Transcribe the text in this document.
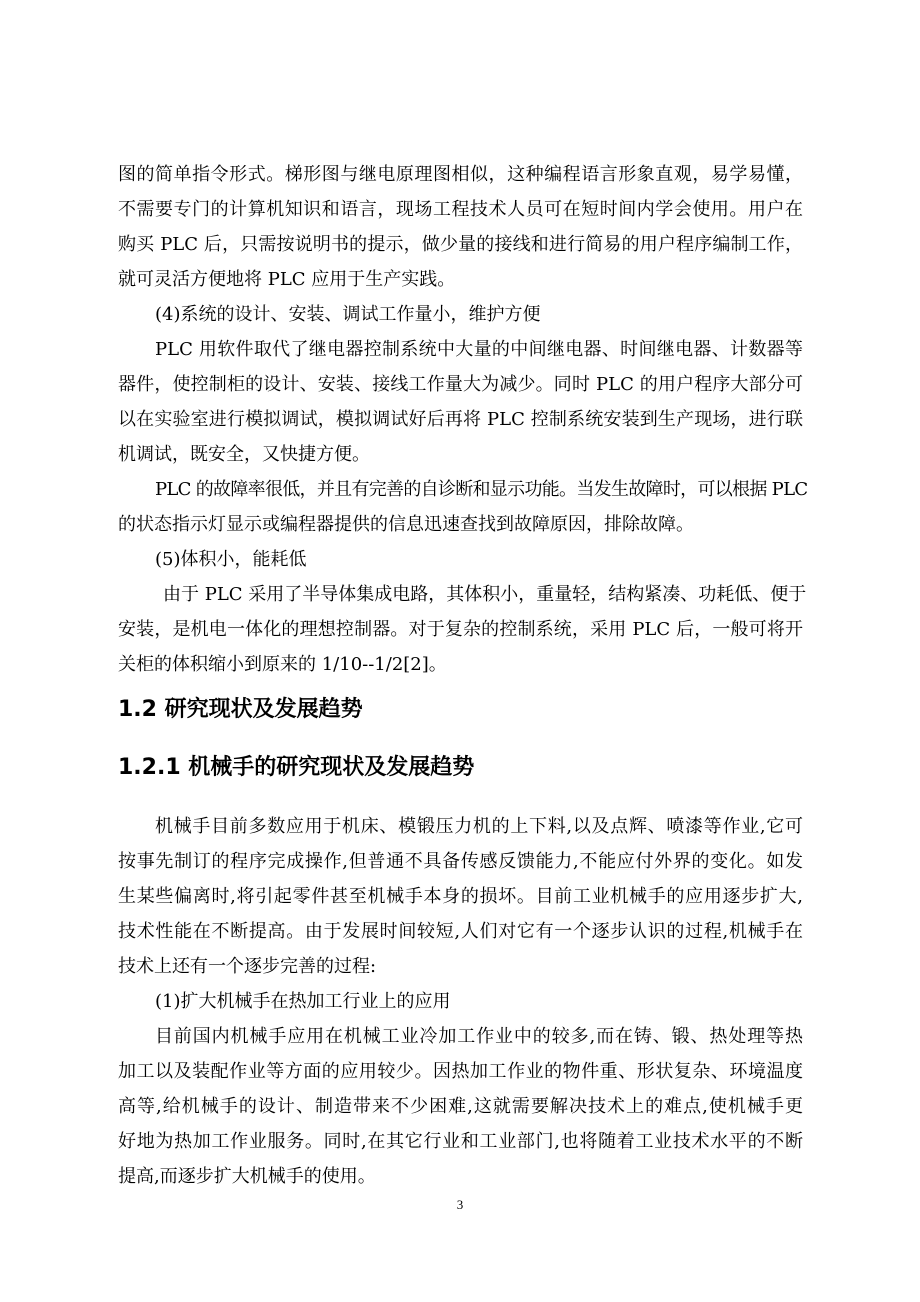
图的简单指令形式。梯形图与继电原理图相似，这种编程语言形象直观，易学易懂，
不需要专门的计算机知识和语言，现场工程技术人员可在短时间内学会使用。用户在
购买 PLC 后，只需按说明书的提示，做少量的接线和进行简易的用户程序编制工作，
就可灵活方便地将 PLC 应用于生产实践。
(4)系统的设计、安装、调试工作量小，维护方便
PLC 用软件取代了继电器控制系统中大量的中间继电器、时间继电器、计数器等
器件，使控制柜的设计、安装、接线工作量大为减少。同时 PLC 的用户程序大部分可
以在实验室进行模拟调试，模拟调试好后再将 PLC 控制系统安装到生产现场，进行联
机调试，既安全，又快捷方便。
PLC 的故障率很低，并且有完善的自诊断和显示功能。当发生故障时，可以根据 PLC
的状态指示灯显示或编程器提供的信息迅速查找到故障原因，排除故障。
(5)体积小，能耗低
由于 PLC 采用了半导体集成电路，其体积小，重量轻，结构紧凑、功耗低、便于
安装，是机电一体化的理想控制器。对于复杂的控制系统，采用 PLC 后，一般可将开
关柜的体积缩小到原来的 1/10--1/2[2]。
1.2 研究现状及发展趋势
1.2.1 机械手的研究现状及发展趋势
机械手目前多数应用于机床、模锻压力机的上下料,以及点辉、喷漆等作业,它可
按事先制订的程序完成操作,但普通不具备传感反馈能力,不能应付外界的变化。如发
生某些偏离时,将引起零件甚至机械手本身的损坏。目前工业机械手的应用逐步扩大,
技术性能在不断提高。由于发展时间较短,人们对它有一个逐步认识的过程,机械手在
技术上还有一个逐步完善的过程:
(1)扩大机械手在热加工行业上的应用
目前国内机械手应用在机械工业冷加工作业中的较多,而在铸、锻、热处理等热
加工以及装配作业等方面的应用较少。因热加工作业的物件重、形状复杂、环境温度
高等,给机械手的设计、制造带来不少困难,这就需要解决技术上的难点,使机械手更
好地为热加工作业服务。同时,在其它行业和工业部门,也将随着工业技术水平的不断
提高,而逐步扩大机械手的使用。
3
